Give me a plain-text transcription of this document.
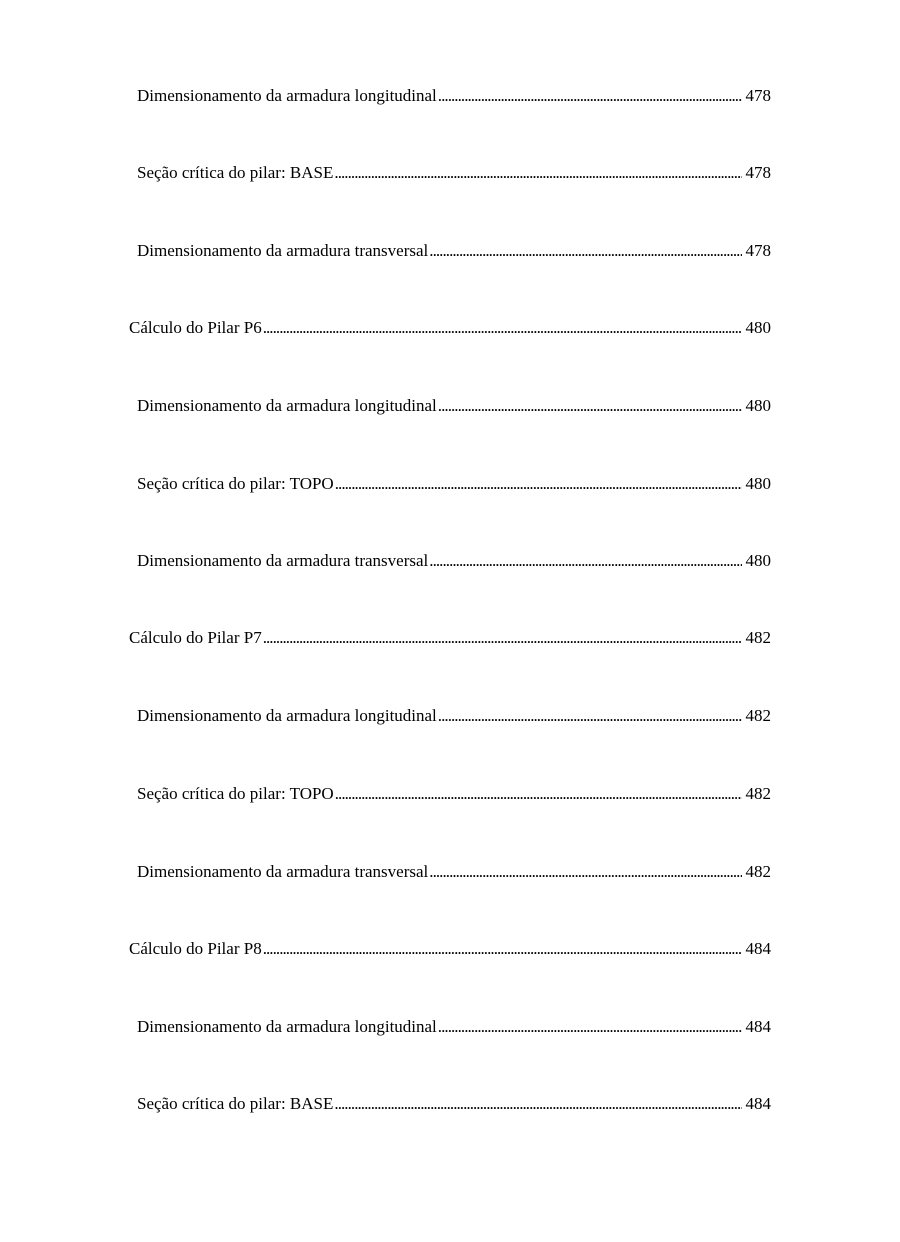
Dimensionamento da armadura longitudinal . . .	478
Seção crítica do pilar: BASE . . .	478
Dimensionamento da armadura transversal . . .	478
Cálculo do Pilar P6 . . .	480
Dimensionamento da armadura longitudinal . . .	480
Seção crítica do pilar: TOPO . . .	480
Dimensionamento da armadura transversal . . .	480
Cálculo do Pilar P7 . . .	482
Dimensionamento da armadura longitudinal . . .	482
Seção crítica do pilar: TOPO . . .	482
Dimensionamento da armadura transversal . . .	482
Cálculo do Pilar P8 . . .	484
Dimensionamento da armadura longitudinal . . .	484
Seção crítica do pilar: BASE . . .	484
